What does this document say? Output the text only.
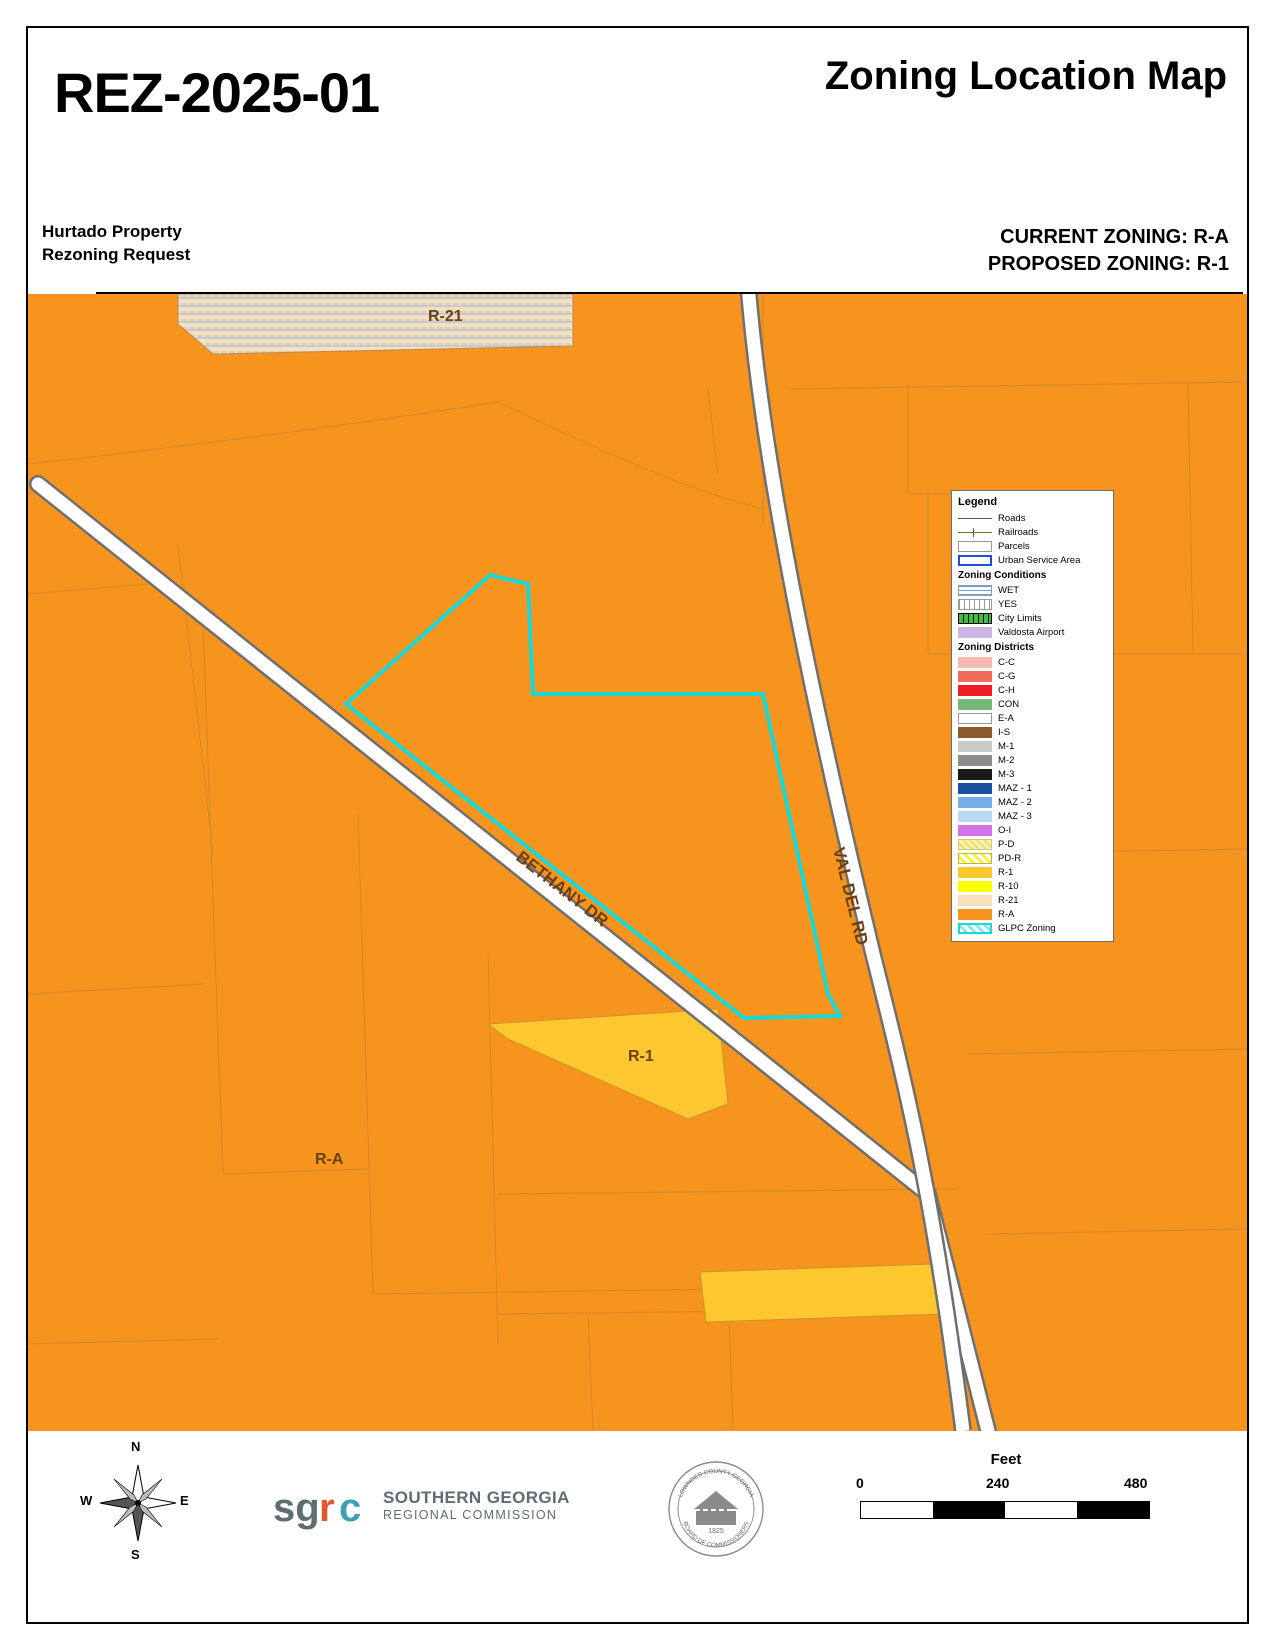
REZ-2025-01	Zoning Location Map
Hurtado Property
Rezoning Request
CURRENT ZONING: R-A
PROPOSED ZONING: R-1
BETHANY DR	VAL DEL RD
R-21
R-1
R-A
Legend
Roads
Railroads
Parcels
Urban Service Area
Zoning Conditions
WET
YES
City Limits
Valdosta Airport
Zoning Districts
C-C
C-G
C-H
CON
E-A
I-S
M-1
M-2
M-3
MAZ - 1
MAZ - 2
MAZ - 3
O-I
P-D
PD-R
R-1
R-10
R-21
R-A
GLPC Zoning
N
S
E
W	sg r c SOUTHERN GEORGIA
REGIONAL COMMISSION
LOWNDES COUNTY GEORGIA
BOARD OF COMMISSIONERS
1825
Feet
0	240	480
